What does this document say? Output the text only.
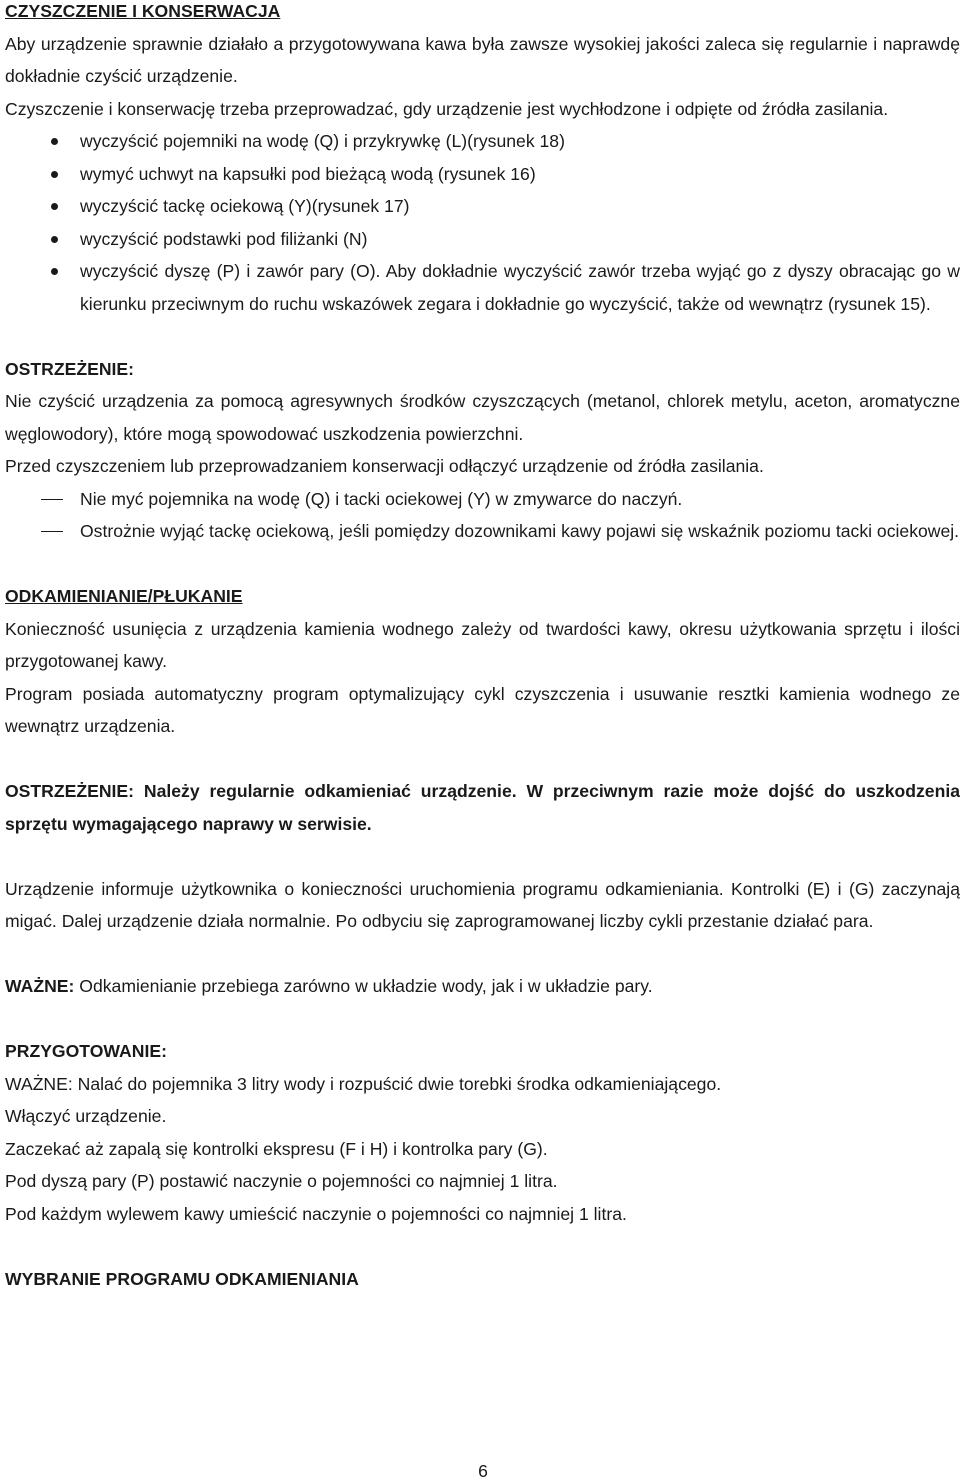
CZYSZCZENIE I KONSERWACJA
Aby urządzenie sprawnie działało a przygotowywana kawa była zawsze wysokiej jakości zaleca się regularnie i naprawdę dokładnie czyścić urządzenie.
Czyszczenie i konserwację trzeba przeprowadzać, gdy urządzenie jest wychłodzone i odpięte od źródła zasilania.
wyczyścić pojemniki na wodę (Q) i przykrywkę (L)(rysunek 18)
wymyć uchwyt na kapsułki pod bieżącą wodą (rysunek 16)
wyczyścić tackę ociekową (Y)(rysunek 17)
wyczyścić podstawki pod filiżanki (N)
wyczyścić dyszę (P) i zawór pary (O). Aby dokładnie wyczyścić zawór trzeba wyjąć go z dyszy obracając go w kierunku przeciwnym do ruchu wskazówek zegara i dokładnie go wyczyścić, także od wewnątrz (rysunek 15).
OSTRZEŻENIE:
Nie czyścić urządzenia za pomocą agresywnych środków czyszczących (metanol, chlorek metylu, aceton, aromatyczne węglowodory), które mogą spowodować uszkodzenia powierzchni.
Przed czyszczeniem lub przeprowadzaniem konserwacji odłączyć urządzenie od źródła zasilania.
Nie myć pojemnika na wodę (Q) i tacki ociekowej (Y) w zmywarce do naczyń.
Ostrożnie wyjąć tackę ociekową, jeśli pomiędzy dozownikami kawy pojawi się wskaźnik poziomu tacki ociekowej.
ODKAMIENIANIE/PŁUKANIE
Konieczność usunięcia z urządzenia kamienia wodnego zależy od twardości kawy, okresu użytkowania sprzętu i ilości przygotowanej kawy.
Program posiada automatyczny program optymalizujący cykl czyszczenia i usuwanie resztki kamienia wodnego ze wewnątrz urządzenia.
OSTRZEŻENIE: Należy regularnie odkamieniać urządzenie. W przeciwnym razie może dojść do uszkodzenia sprzętu wymagającego naprawy w serwisie.
Urządzenie informuje użytkownika o konieczności uruchomienia programu odkamieniania. Kontrolki (E) i (G) zaczynają migać. Dalej urządzenie działa normalnie. Po odbyciu się zaprogramowanej liczby cykli przestanie działać para.
WAŻNE: Odkamienianie przebiega zarówno w układzie wody, jak i w układzie pary.
PRZYGOTOWANIE:
WAŻNE: Nalać do pojemnika 3 litry wody i rozpuścić dwie torebki środka odkamieniającego.
Włączyć urządzenie.
Zaczekać aż zapalą się kontrolki ekspresu (F i H) i kontrolka pary (G).
Pod dyszą pary (P) postawić naczynie o pojemności co najmniej 1 litra.
Pod każdym wylewem kawy umieścić naczynie o pojemności co najmniej 1 litra.
WYBRANIE PROGRAMU ODKAMIENIANIA
6
